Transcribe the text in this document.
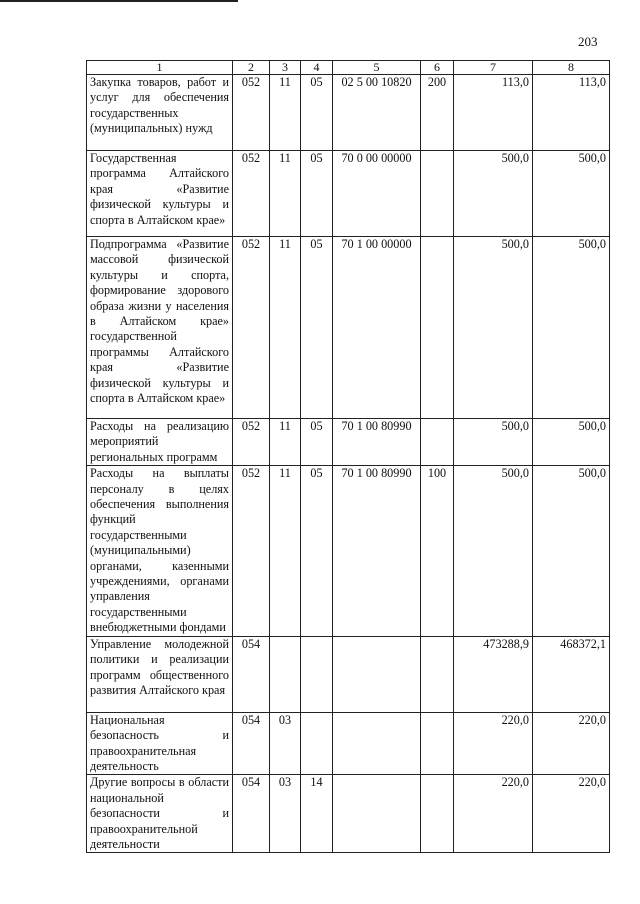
203
1	2	3	4	5	6	7	8
Закупка товаров, работ и услуг для обеспечения государственных (муниципальных) нужд	052	11	05	02 5 00 10820	200	113,0	113,0
Государственная программа Алтайского края «Развитие физической культуры и спорта в Алтайском крае»	052	11	05	70 0 00 00000		500,0	500,0
Подпрограмма «Развитие массовой физической культуры и спорта, формирование здорового образа жизни у населения в Алтайском крае» государственной программы Алтайского края «Развитие физической культуры и спорта в Алтайском крае»	052	11	05	70 1 00 00000		500,0	500,0
Расходы на реализацию мероприятий региональных программ	052	11	05	70 1 00 80990		500,0	500,0
Расходы на выплаты персоналу в целях обеспечения выполнения функций государственными (муниципальными) органами, казенными учреждениями, органами управления государственными внебюджетными фондами	052	11	05	70 1 00 80990	100	500,0	500,0
Управление молодежной политики и реализации программ общественного развития Алтайского края	054					473288,9	468372,1
Национальная безопасность и правоохранительная деятельность	054	03				220,0	220,0
Другие вопросы в области национальной безопасности и правоохранительной деятельности	054	03	14			220,0	220,0
